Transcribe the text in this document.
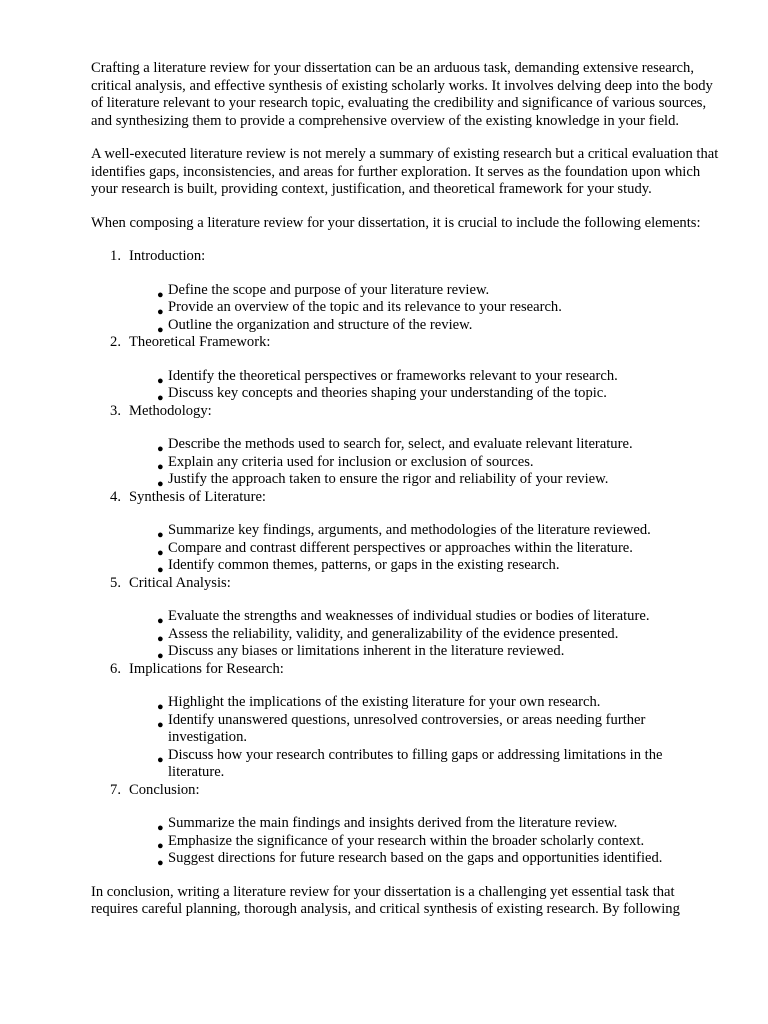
Crafting a literature review for your dissertation can be an arduous task, demanding extensive research, critical analysis, and effective synthesis of existing scholarly works. It involves delving deep into the body of literature relevant to your research topic, evaluating the credibility and significance of various sources, and synthesizing them to provide a comprehensive overview of the existing knowledge in your field.

A well-executed literature review is not merely a summary of existing research but a critical evaluation that identifies gaps, inconsistencies, and areas for further exploration. It serves as the foundation upon which your research is built, providing context, justification, and theoretical framework for your study.

When composing a literature review for your dissertation, it is crucial to include the following elements:

1. Introduction:
● Define the scope and purpose of your literature review.
● Provide an overview of the topic and its relevance to your research.
● Outline the organization and structure of the review.
2. Theoretical Framework:
● Identify the theoretical perspectives or frameworks relevant to your research.
● Discuss key concepts and theories shaping your understanding of the topic.
3. Methodology:
● Describe the methods used to search for, select, and evaluate relevant literature.
● Explain any criteria used for inclusion or exclusion of sources.
● Justify the approach taken to ensure the rigor and reliability of your review.
4. Synthesis of Literature:
● Summarize key findings, arguments, and methodologies of the literature reviewed.
● Compare and contrast different perspectives or approaches within the literature.
● Identify common themes, patterns, or gaps in the existing research.
5. Critical Analysis:
● Evaluate the strengths and weaknesses of individual studies or bodies of literature.
● Assess the reliability, validity, and generalizability of the evidence presented.
● Discuss any biases or limitations inherent in the literature reviewed.
6. Implications for Research:
● Highlight the implications of the existing literature for your own research.
● Identify unanswered questions, unresolved controversies, or areas needing further investigation.
● Discuss how your research contributes to filling gaps or addressing limitations in the literature.
7. Conclusion:
● Summarize the main findings and insights derived from the literature review.
● Emphasize the significance of your research within the broader scholarly context.
● Suggest directions for future research based on the gaps and opportunities identified.

In conclusion, writing a literature review for your dissertation is a challenging yet essential task that requires careful planning, thorough analysis, and critical synthesis of existing research. By following
